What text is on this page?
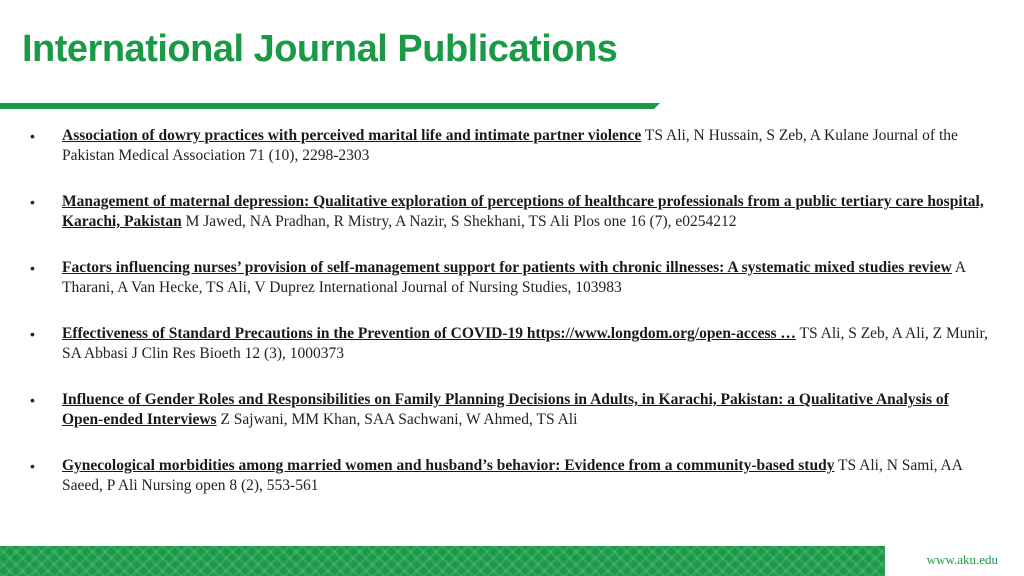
International Journal Publications
•	Association of dowry practices with perceived marital life and intimate partner violence TS Ali, N Hussain, S Zeb, A Kulane Journal of the Pakistan Medical Association 71 (10), 2298-2303
•	Management of maternal depression: Qualitative exploration of perceptions of healthcare professionals from a public tertiary care hospital, Karachi, Pakistan M Jawed, NA Pradhan, R Mistry, A Nazir, S Shekhani, TS Ali Plos one 16 (7), e0254212
•	Factors influencing nurses’ provision of self-management support for patients with chronic illnesses: A systematic mixed studies review A Tharani, A Van Hecke, TS Ali, V Duprez International Journal of Nursing Studies, 103983
•	Effectiveness of Standard Precautions in the Prevention of COVID-19 https://www.longdom.org/open-access … TS Ali, S Zeb, A Ali, Z Munir, SA Abbasi J Clin Res Bioeth 12 (3), 1000373
•	Influence of Gender Roles and Responsibilities on Family Planning Decisions in Adults, in Karachi, Pakistan: a Qualitative Analysis of Open-ended Interviews Z Sajwani, MM Khan, SAA Sachwani, W Ahmed, TS Ali
•	Gynecological morbidities among married women and husband’s behavior: Evidence from a community-based study TS Ali, N Sami, AA Saeed, P Ali Nursing open 8 (2), 553-561
www.aku.edu
